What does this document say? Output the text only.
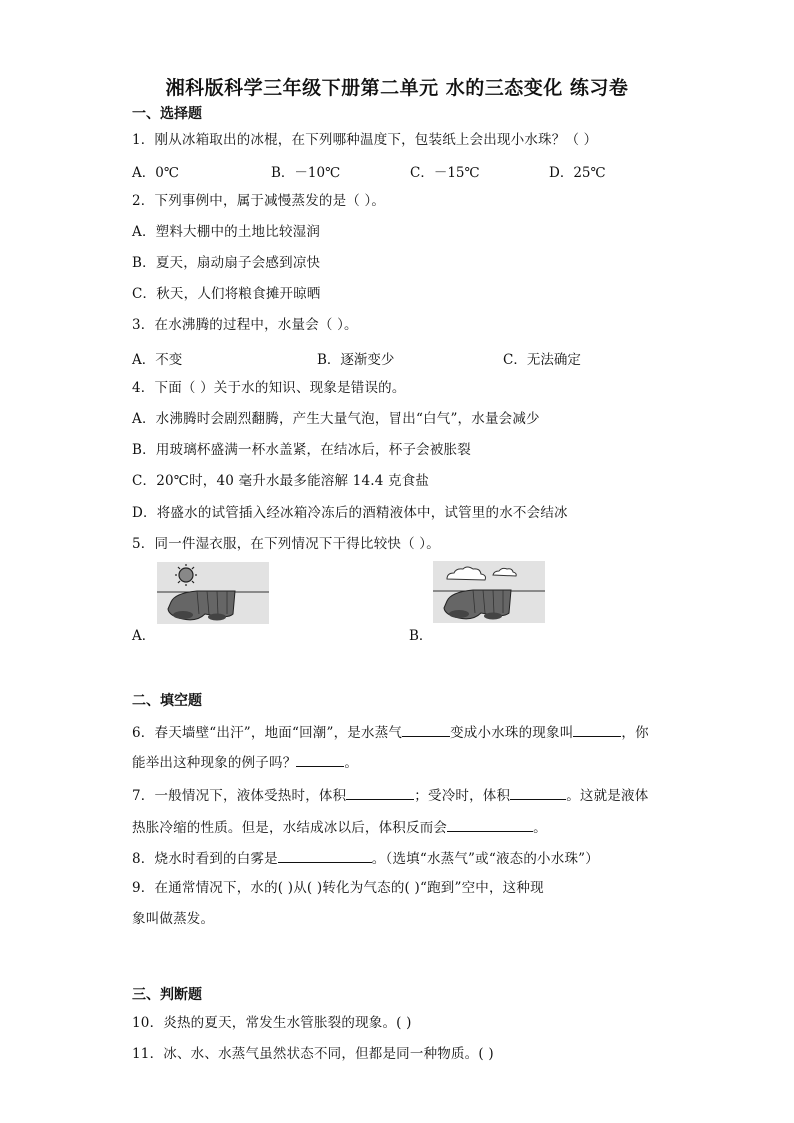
湘科版科学三年级下册第二单元 水的三态变化 练习卷
一、选择题
1．刚从冰箱取出的冰棍，在下列哪种温度下，包装纸上会出现小水珠？（ ）
A．0℃	B．－10℃	C．－15℃	D．25℃
2．下列事例中，属于减慢蒸发的是（ ）。
A．塑料大棚中的土地比较湿润
B．夏天，扇动扇子会感到凉快
C．秋天，人们将粮食摊开晾晒
3．在水沸腾的过程中，水量会（ ）。
A．不变	B．逐渐变少	C．无法确定
4．下面（ ）关于水的知识、现象是错误的。
A．水沸腾时会剧烈翻腾，产生大量气泡，冒出“白气”，水量会减少
B．用玻璃杯盛满一杯水盖紧，在结冰后，杯子会被胀裂
C．20℃时，40 毫升水最多能溶解 14.4 克食盐
D．将盛水的试管插入经冰箱冷冻后的酒精液体中，试管里的水不会结冰
5．同一件湿衣服，在下列情况下干得比较快（ ）。
A．	B．
二、填空题
6．春天墙壁“出汗”，地面“回潮”，是水蒸气	变成小水珠的现象叫	，你
能举出这种现象的例子吗？	。
7．一般情况下，液体受热时，体积	；受冷时，体积	。这就是液体
热胀冷缩的性质。但是，水结成冰以后，体积反而会	。
8．烧水时看到的白雾是	。（选填“水蒸气”或“液态的小水珠”）
9．在通常情况下，水的( )从( )转化为气态的( )“跑到”空中，这种现
象叫做蒸发。
三、判断题
10．炎热的夏天，常发生水管胀裂的现象。( )
11．冰、水、水蒸气虽然状态不同，但都是同一种物质。( )
